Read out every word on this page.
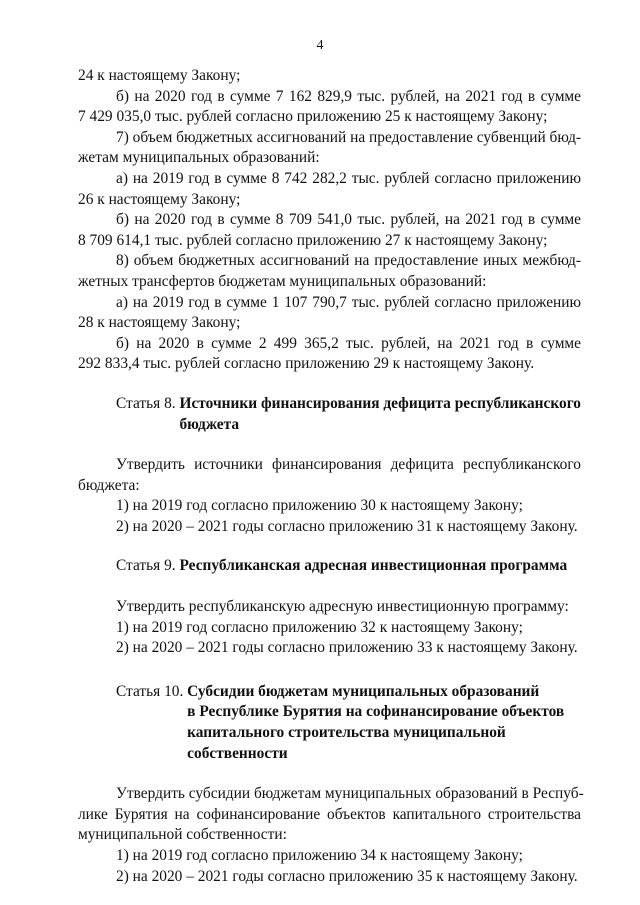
4
24 к настоящему Закону;
б) на 2020 год в сумме 7 162 829,9 тыс. рублей, на 2021 год в сумме
7 429 035,0 тыс. рублей согласно приложению 25 к настоящему Закону;
7) объем бюджетных ассигнований на предоставление субвенций бюд-
жетам муниципальных образований:
а) на 2019 год в сумме 8 742 282,2 тыс. рублей согласно приложению
26 к настоящему Закону;
б) на 2020 год в сумме 8 709 541,0 тыс. рублей, на 2021 год в сумме
8 709 614,1 тыс. рублей согласно приложению 27 к настоящему Закону;
8) объем бюджетных ассигнований на предоставление иных межбюд-
жетных трансфертов бюджетам муниципальных образований:
а) на 2019 год в сумме 1 107 790,7 тыс. рублей согласно приложению
28 к настоящему Закону;
б) на 2020 в сумме 2 499 365,2 тыс. рублей, на 2021 год в сумме
292 833,4 тыс. рублей согласно приложению 29 к настоящему Закону.
Статья 8. Источники финансирования дефицита республиканского
бюджета
Утвердить источники финансирования дефицита республиканского
бюджета:
1) на 2019 год согласно приложению 30 к настоящему Закону;
2) на 2020 – 2021 годы согласно приложению 31 к настоящему Закону.
Статья 9. Республиканская адресная инвестиционная программа
Утвердить республиканскую адресную инвестиционную программу:
1) на 2019 год согласно приложению 32 к настоящему Закону;
2) на 2020 – 2021 годы согласно приложению 33 к настоящему Закону.
Статья 10. Субсидии бюджетам муниципальных образований
в Республике Бурятия на софинансирование объектов
капитального строительства муниципальной
собственности
Утвердить субсидии бюджетам муниципальных образований в Респуб-
лике Бурятия на софинансирование объектов капитального строительства
муниципальной собственности:
1) на 2019 год согласно приложению 34 к настоящему Закону;
2) на 2020 – 2021 годы согласно приложению 35 к настоящему Закону.
